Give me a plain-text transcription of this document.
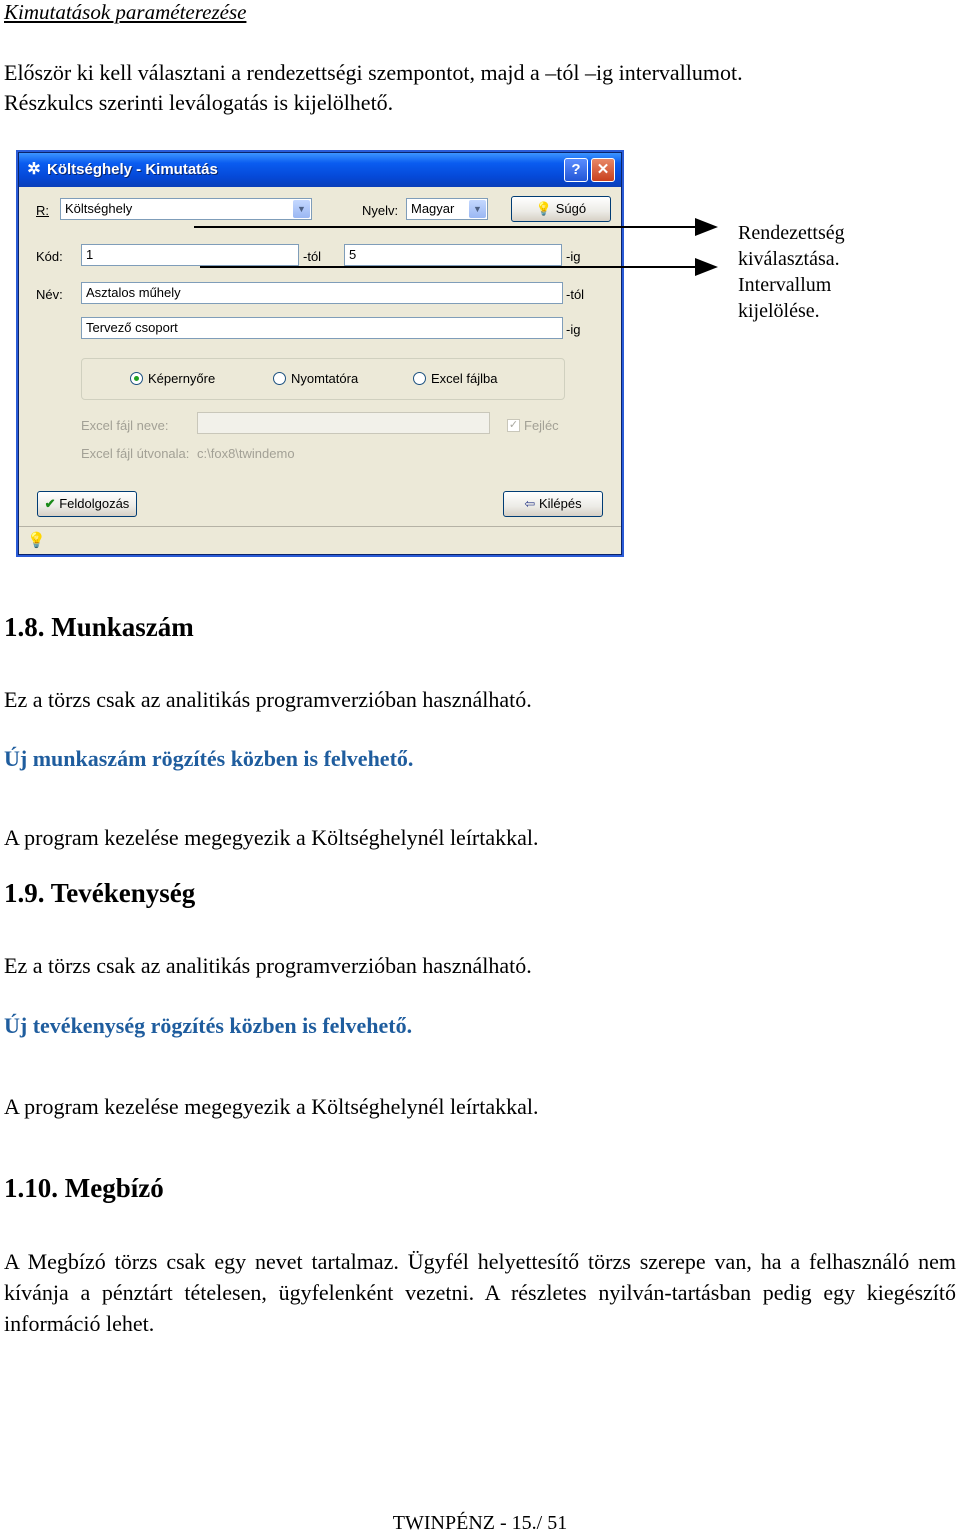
Kimutatások paraméterezése
Először ki kell választani a rendezettségi szempontot, majd a –tól –ig intervallumot.
Részkulcs szerinti leválogatás is kijelölhető.
✲ Költséghely - Kimutatás	?	✕
R:	Költséghely	▼	Nyelv: Magyar	▼	💡 Súgó
Kód:	1	-tól	5	-ig
Név:	Asztalos műhely	-tól
Tervező csoport	-ig
Képernyőre	Nyomtatóra	Excel fájlba
Excel fájl neve:	✓ Fejléc
Excel fájl útvonala: c:\fox8\twindemo
✔ Feldolgozás	⇦ Kilépés
💡
Rendezettség
kiválasztása.
Intervallum
kijelölése.
1.8. Munkaszám
Ez a törzs csak az analitikás programverzióban használható.
Új munkaszám rögzítés közben is felvehető.
A program kezelése megegyezik a Költséghelynél leírtakkal.
1.9. Tevékenység
Ez a törzs csak az analitikás programverzióban használható.
Új tevékenység rögzítés közben is felvehető.
A program kezelése megegyezik a Költséghelynél leírtakkal.
1.10. Megbízó
A Megbízó törzs csak egy nevet tartalmaz. Ügyfél helyettesítő törzs szerepe van, ha a felhasználó nem kívánja a pénztárt tételesen, ügyfelenként vezetni. A részletes nyilván-tartásban pedig egy kiegészítő információ lehet.
TWINPÉNZ - 15./ 51
